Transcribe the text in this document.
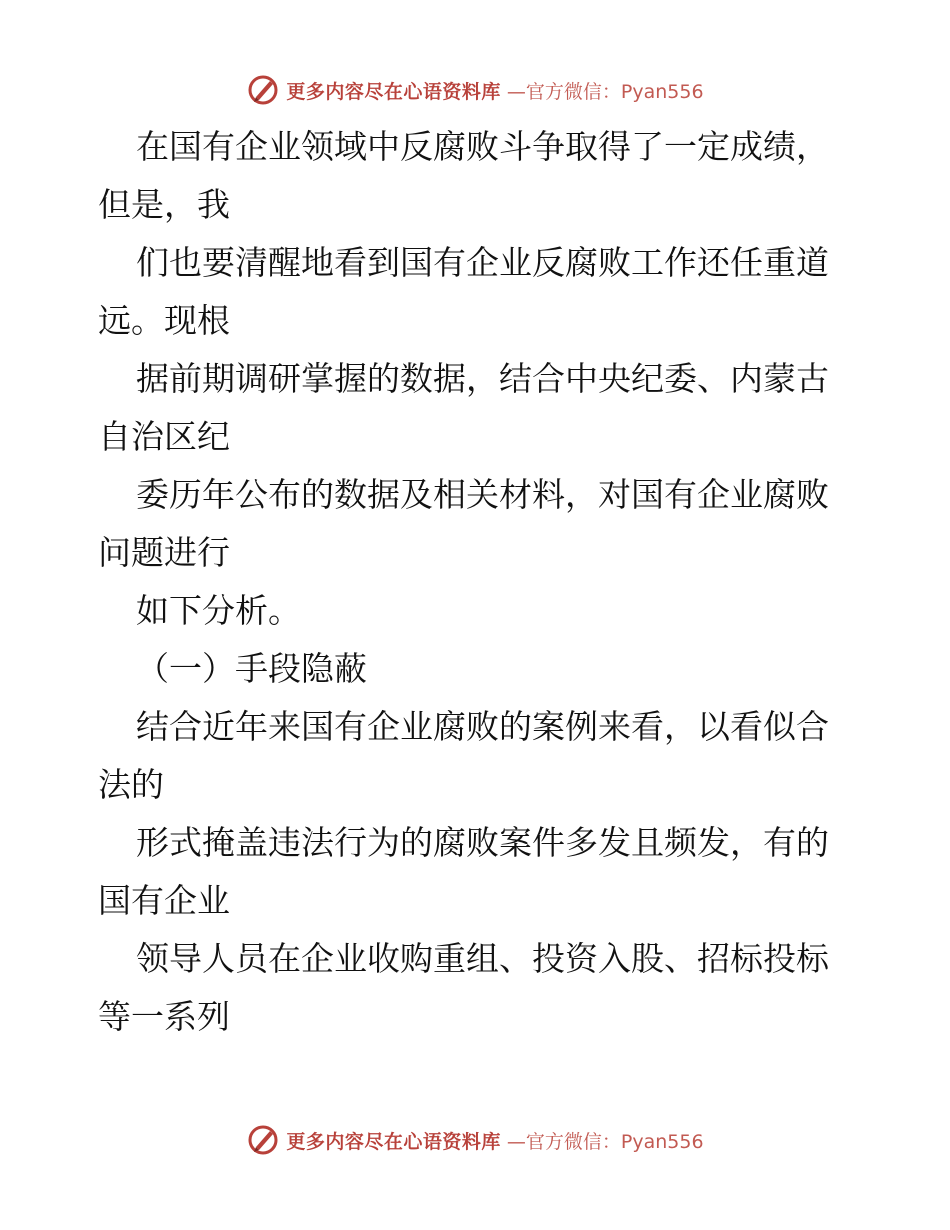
更多内容尽在心语资料库 —官方微信：Pyan556
在国有企业领域中反腐败斗争取得了一定成绩，
但是，我
们也要清醒地看到国有企业反腐败工作还任重道
远。现根
据前期调研掌握的数据，结合中央纪委、内蒙古
自治区纪
委历年公布的数据及相关材料，对国有企业腐败
问题进行
如下分析。
（一）手段隐蔽
结合近年来国有企业腐败的案例来看，以看似合
法的
形式掩盖违法行为的腐败案件多发且频发，有的
国有企业
领导人员在企业收购重组、投资入股、招标投标
等一系列
更多内容尽在心语资料库 —官方微信：Pyan556
